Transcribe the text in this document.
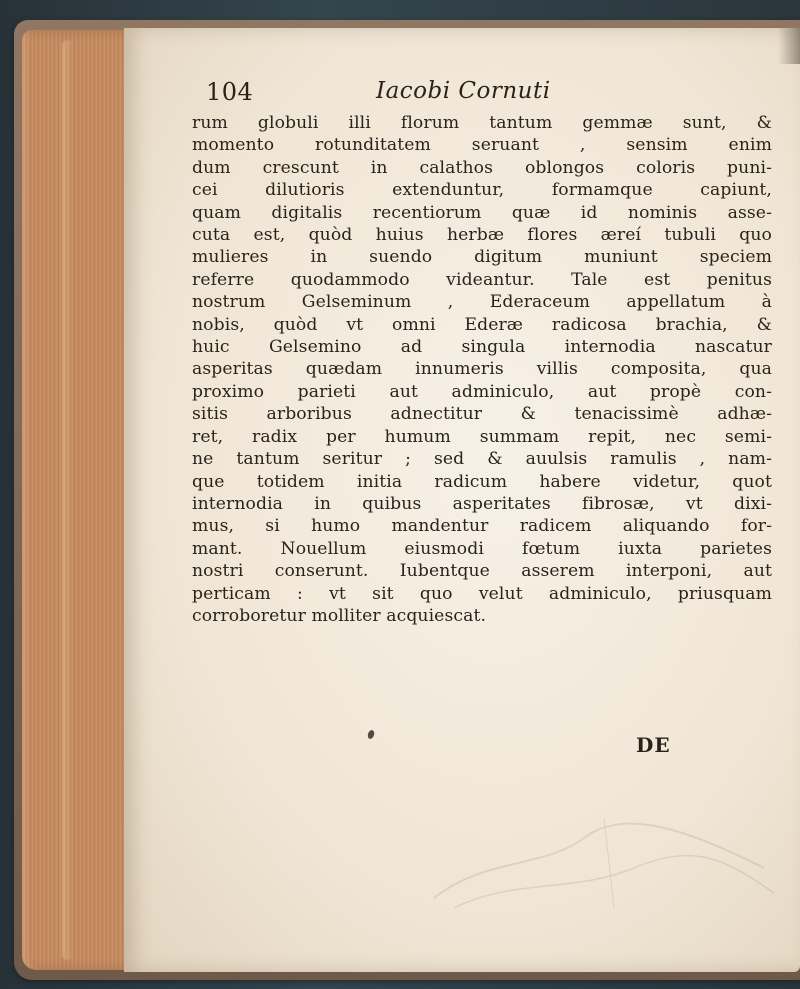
104	Iacobi Cornuti
rum globuli illi florum tantum gemmæ sunt, &
momento rotunditatem seruant , sensim enim
dum crescunt in calathos oblongos coloris puni-
cei dilutioris extenduntur, formamque capiunt,
quam digitalis recentiorum quæ id nominis asse-
cuta est, quòd huius herbæ flores æreí tubuli quo
mulieres in suendo digitum muniunt speciem
referre quodammodo videantur. Tale est penitus
nostrum Gelseminum , Ederaceum appellatum à
nobis, quòd vt omni Ederæ radicosa brachia, &
huic Gelsemino ad singula internodia nascatur
asperitas quædam innumeris villis composita, qua
proximo parieti aut adminiculo, aut propè con-
sitis arboribus adnectitur & tenacissimè adhæ-
ret, radix per humum summam repit, nec semi-
ne tantum seritur ; sed & auulsis ramulis , nam-
que totidem initia radicum habere videtur, quot
internodia in quibus asperitates fibrosæ, vt dixi-
mus, si humo mandentur radicem aliquando for-
mant. Nouellum eiusmodi fœtum iuxta parietes
nostri conserunt. Iubentque asserem interponi, aut
perticam : vt sit quo velut adminiculo, priusquam
corroboretur molliter acquiescat.
DE
